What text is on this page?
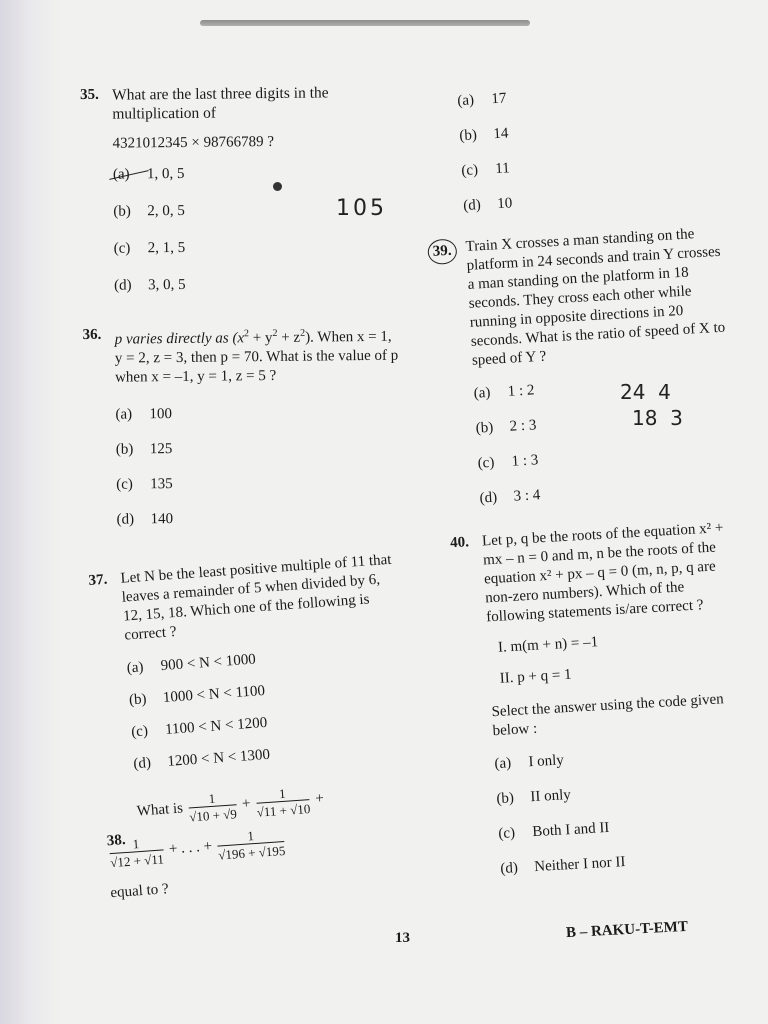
35. What are the last three digits in the multiplication of
4321012345 × 98766789 ?
(a) 1, 0, 5
(b) 2, 0, 5
(c) 2, 1, 5
(d) 3, 0, 5
36. p varies directly as $(x^2 + y^2 + z^2)$. When x = 1, y = 2, z = 3, then p = 70. What is the value of p when x = –1, y = 1, z = 5 ?
(a) 100
(b) 125
(c) 135
(d) 140
37. Let N be the least positive multiple of 11 that leaves a remainder of 5 when divided by 6, 12, 15, 18. Which one of the following is correct ?
(a) 900 < N < 1000
(b) 1000 < N < 1100
(c) 1100 < N < 1200
(d) 1200 < N < 1300
38.
What is $\frac{1}{√10 + √9} + \frac{1}{√11 + √10}$ +
$\frac{1}{√12 + √11}$ + . . . + $\frac{1}{√196 + √195}$
equal to ?
(a) 17
(b) 14
(c) 11
(d) 10
39. Train X crosses a man standing on the platform in 24 seconds and train Y crosses a man standing on the platform in 18 seconds. They cross each other while running in opposite directions in 20 seconds. What is the ratio of speed of X to speed of Y ?
(a) 1 : 2
(b) 2 : 3
(c) 1 : 3
(d) 3 : 4
40. Let p, q be the roots of the equation x² + mx – n = 0 and m, n be the roots of the equation x² + px – q = 0 (m, n, p, q are non-zero numbers). Which of the following statements is/are correct ?
I. m(m + n) = –1
II. p + q = 1
Select the answer using the code given below :
(a) I only
(b) II only
(c) Both I and II
(d) Neither I nor II
105
24  4
18  3
13	B – RAKU-T-EMT
